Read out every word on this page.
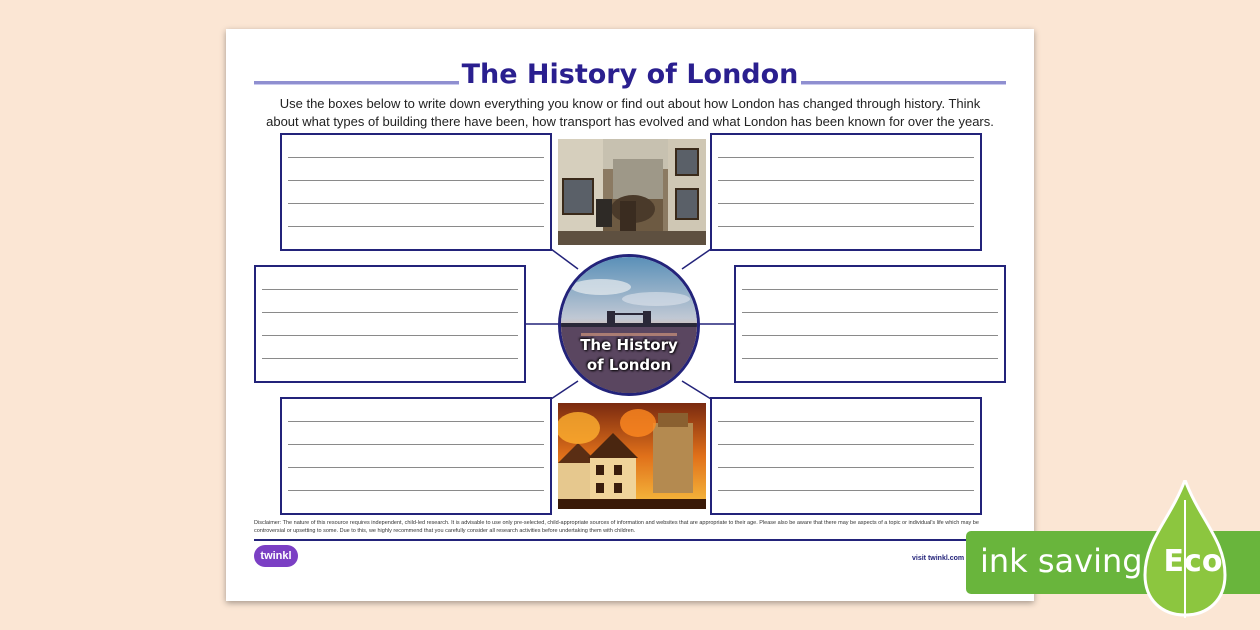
The History of London
Use the boxes below to write down everything you know or find out about how London has changed through history. Think about what types of building there have been, how transport has evolved and what London has been known for over the years.
The History
of London
Disclaimer: The nature of this resource requires independent, child-led research. It is advisable to use only pre-selected, child-appropriate sources of information and websites that are appropriate to their age. Please also be aware that there may be aspects of a topic or individual's life which may be controversial or upsetting to some. Due to this, we highly recommend that you carefully consider all research activities before undertaking them with children.
twinkl	visit twinkl.com ink saving Eco
